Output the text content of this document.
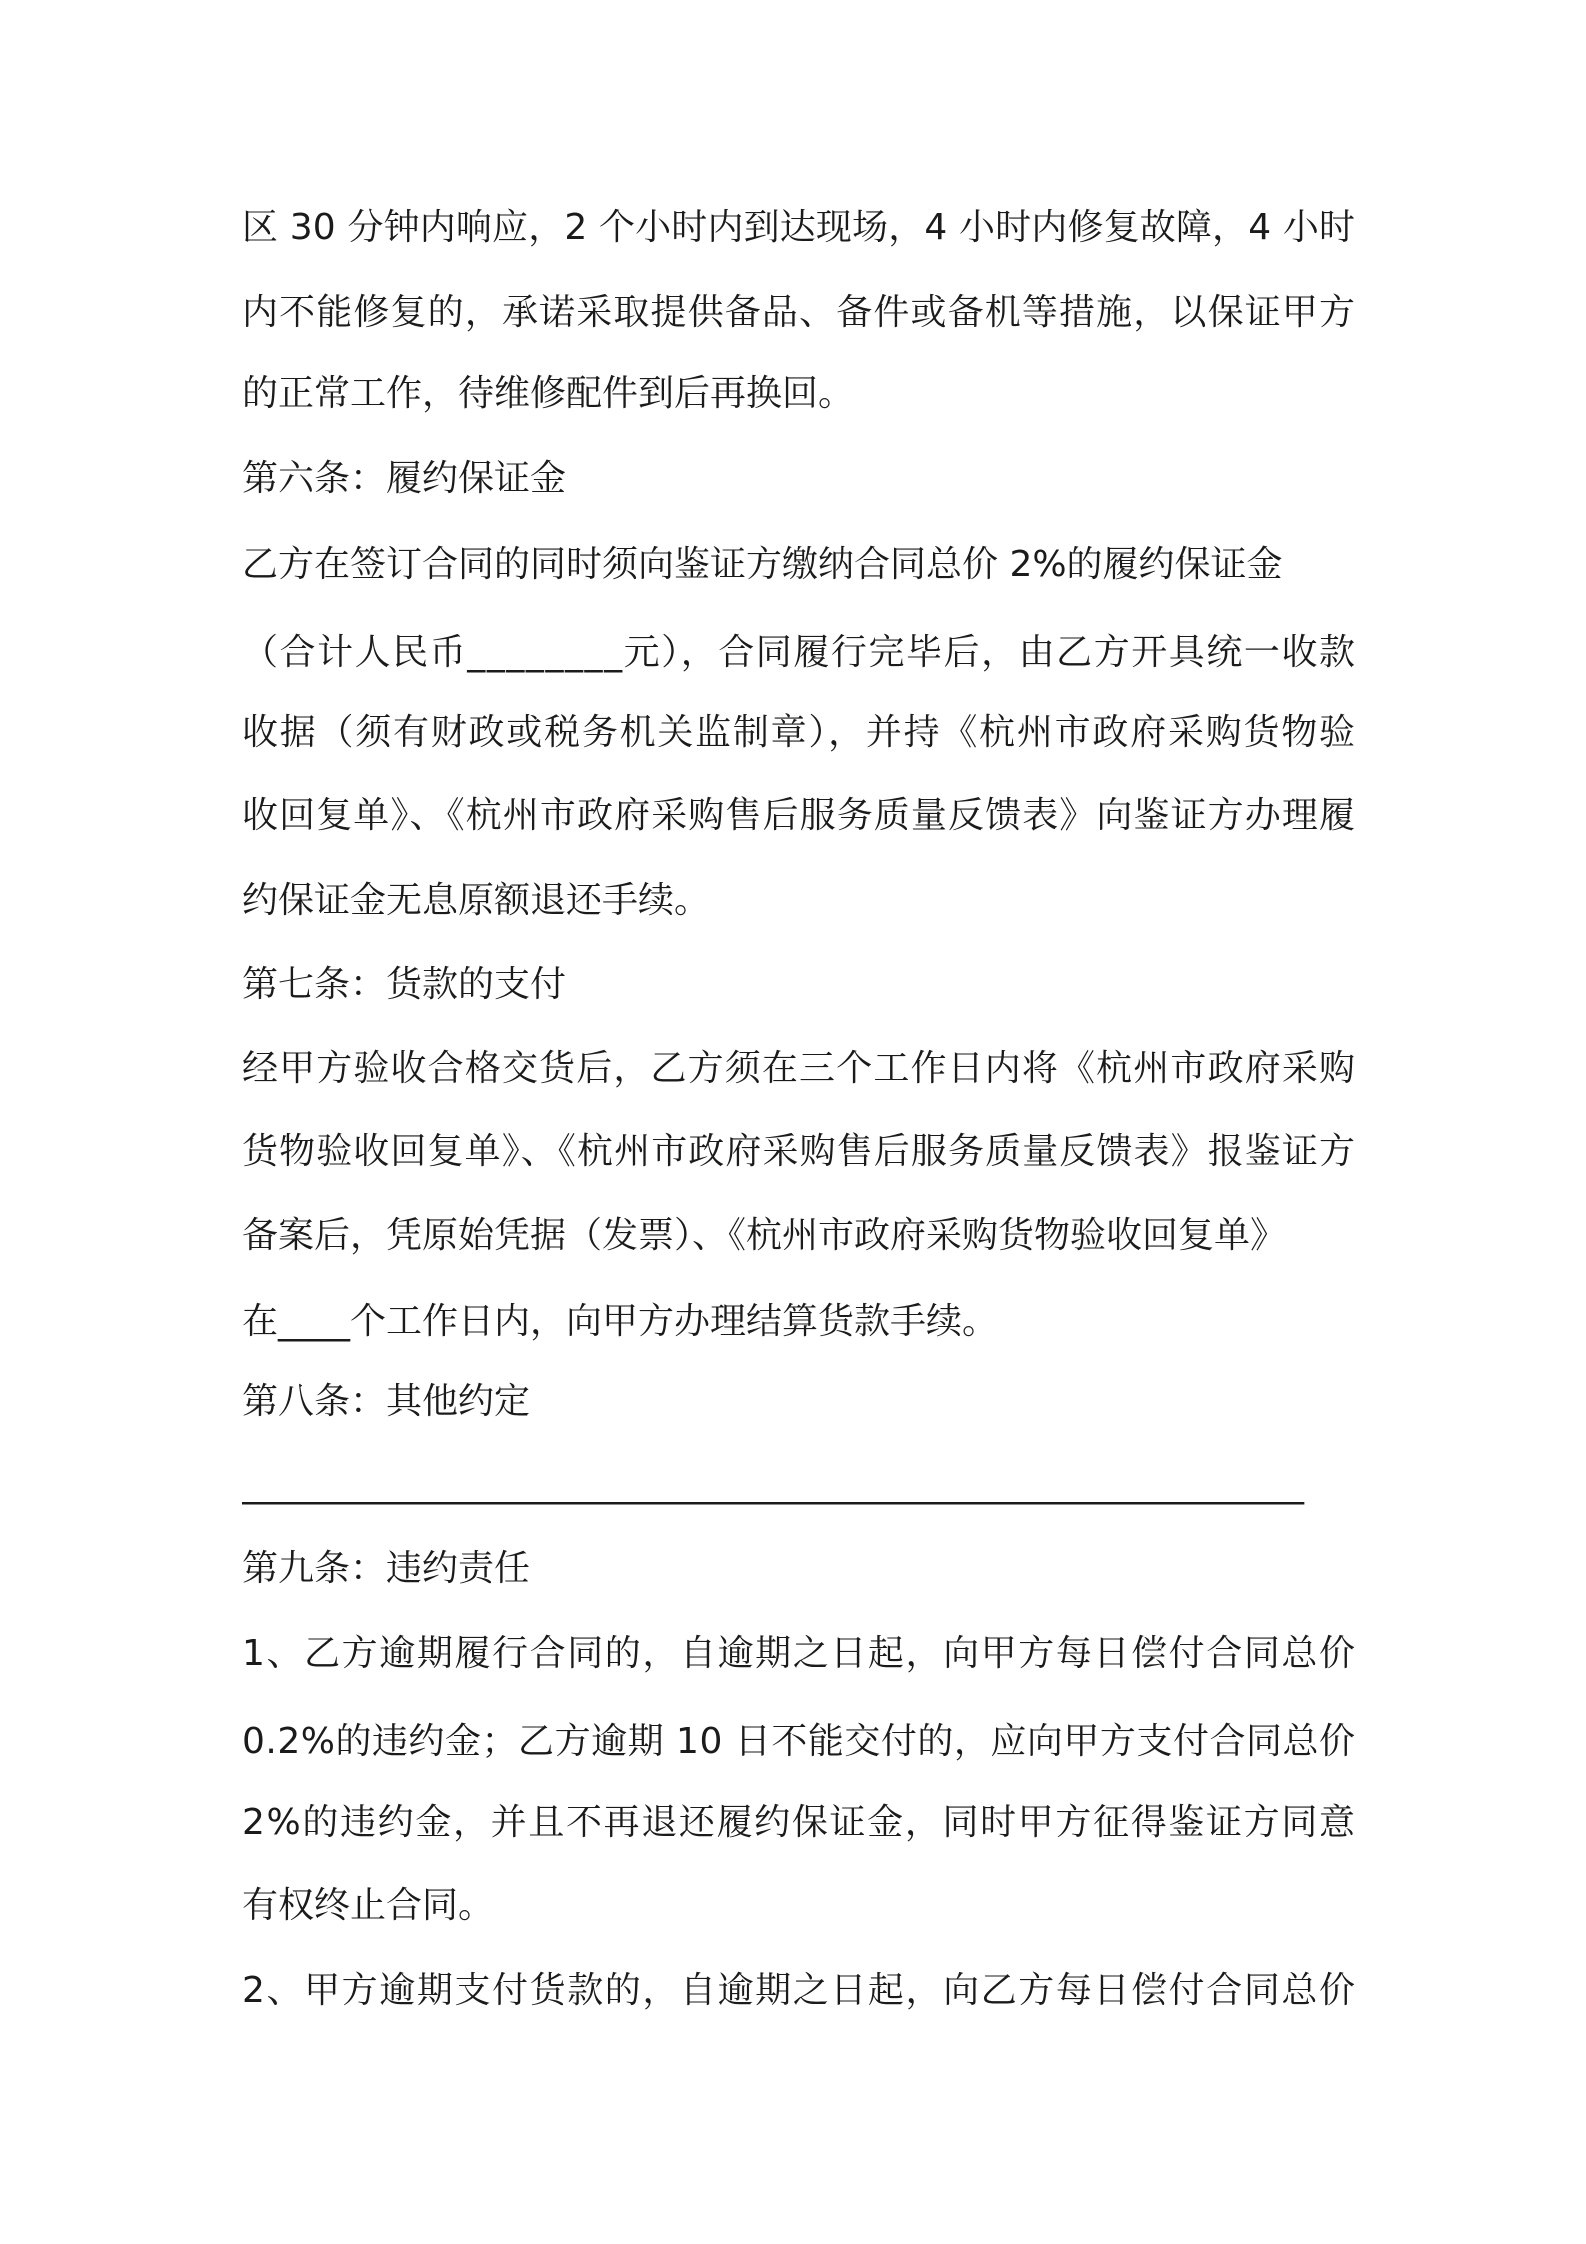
区 30 分钟内响应，2 个小时内到达现场，4 小时内修复故障，4 小时
内不能修复的，承诺采取提供备品、备件或备机等措施，以保证甲方
的正常工作，待维修配件到后再换回。
第六条：履约保证金
乙方在签订合同的同时须向鉴证方缴纳合同总价 2%的履约保证金
（合计人民币________元），合同履行完毕后，由乙方开具统一收款
收据（须有财政或税务机关监制章），并持《杭州市政府采购货物验
收回复单》、《杭州市政府采购售后服务质量反馈表》向鉴证方办理履
约保证金无息原额退还手续。
第七条：货款的支付
经甲方验收合格交货后，乙方须在三个工作日内将《杭州市政府采购
货物验收回复单》、《杭州市政府采购售后服务质量反馈表》报鉴证方
备案后，凭原始凭据（发票）、《杭州市政府采购货物验收回复单》
在____个工作日内，向甲方办理结算货款手续。
第八条：其他约定
___________________________________________________________
第九条：违约责任
1、乙方逾期履行合同的，自逾期之日起，向甲方每日偿付合同总价
0.2%的违约金；乙方逾期 10 日不能交付的，应向甲方支付合同总价
2%的违约金，并且不再退还履约保证金，同时甲方征得鉴证方同意
有权终止合同。
2、甲方逾期支付货款的，自逾期之日起，向乙方每日偿付合同总价
